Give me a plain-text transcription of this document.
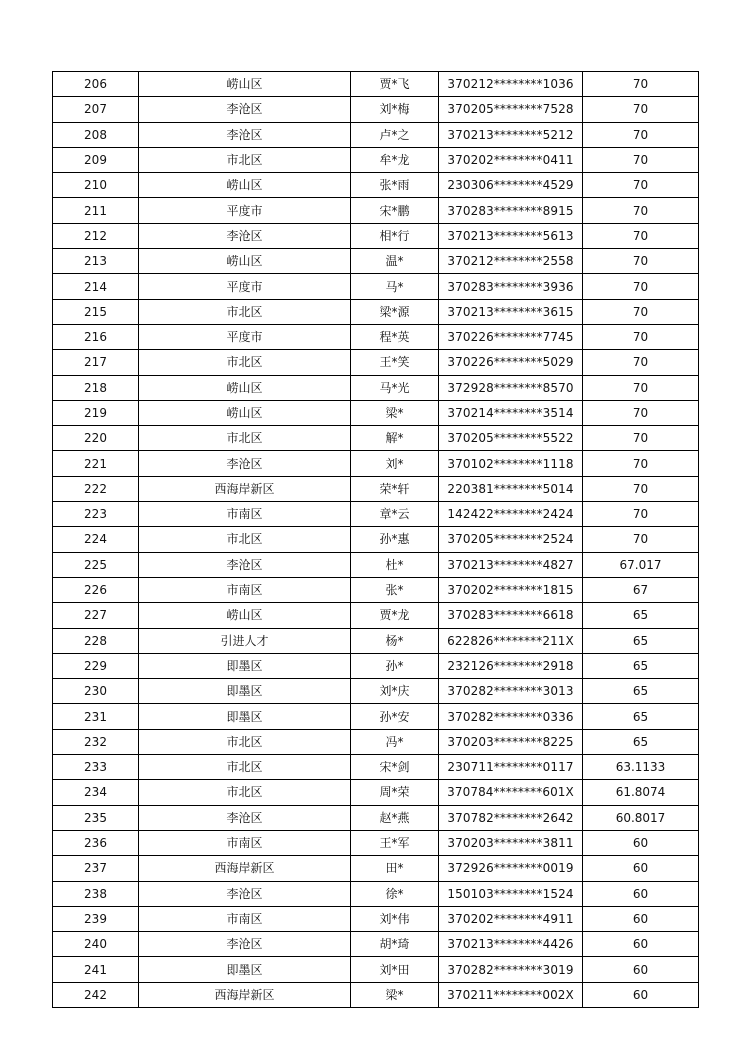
206	崂山区	贾*飞	370212********1036	70
207	李沧区	刘*梅	370205********7528	70
208	李沧区	卢*之	370213********5212	70
209	市北区	牟*龙	370202********0411	70
210	崂山区	张*雨	230306********4529	70
211	平度市	宋*鹏	370283********8915	70
212	李沧区	相*行	370213********5613	70
213	崂山区	温*	370212********2558	70
214	平度市	马*	370283********3936	70
215	市北区	梁*源	370213********3615	70
216	平度市	程*英	370226********7745	70
217	市北区	王*笑	370226********5029	70
218	崂山区	马*光	372928********8570	70
219	崂山区	梁*	370214********3514	70
220	市北区	解*	370205********5522	70
221	李沧区	刘*	370102********1118	70
222	西海岸新区	荣*轩	220381********5014	70
223	市南区	章*云	142422********2424	70
224	市北区	孙*惠	370205********2524	70
225	李沧区	杜*	370213********4827	67.017
226	市南区	张*	370202********1815	67
227	崂山区	贾*龙	370283********6618	65
228	引进人才	杨*	622826********211X	65
229	即墨区	孙*	232126********2918	65
230	即墨区	刘*庆	370282********3013	65
231	即墨区	孙*安	370282********0336	65
232	市北区	冯*	370203********8225	65
233	市北区	宋*剑	230711********0117	63.1133
234	市北区	周*荣	370784********601X	61.8074
235	李沧区	赵*燕	370782********2642	60.8017
236	市南区	王*军	370203********3811	60
237	西海岸新区	田*	372926********0019	60
238	李沧区	徐*	150103********1524	60
239	市南区	刘*伟	370202********4911	60
240	李沧区	胡*琦	370213********4426	60
241	即墨区	刘*田	370282********3019	60
242	西海岸新区	梁*	370211********002X	60
